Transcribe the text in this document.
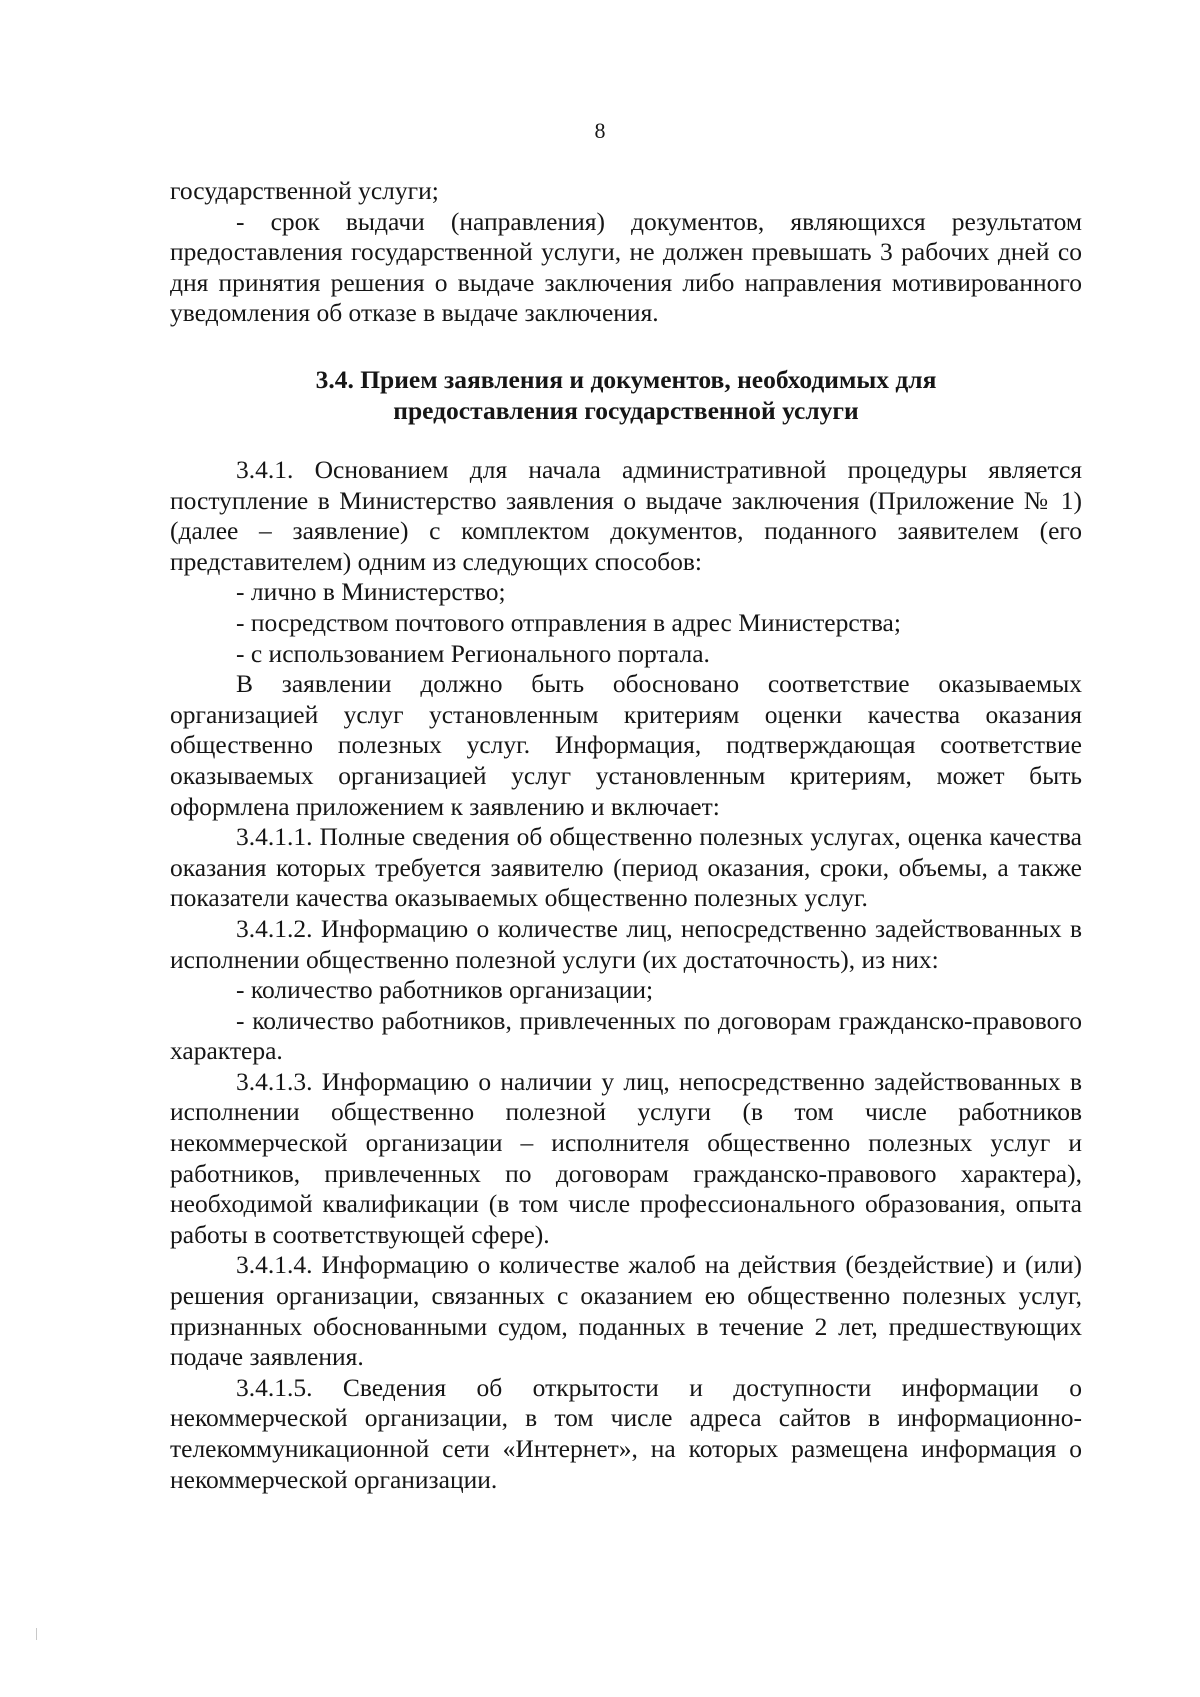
8

государственной услуги;

- срок выдачи (направления) документов, являющихся результатом предоставления государственной услуги, не должен превышать 3 рабочих дней со дня принятия решения о выдаче заключения либо направления мотивированного уведомления об отказе в выдаче заключения.

3.4. Прием заявления и документов, необходимых для

предоставления государственной услуги

3.4.1. Основанием для начала административной процедуры является поступление в Министерство заявления о выдаче заключения (Приложение № 1) (далее – заявление) с комплектом документов, поданного заявителем (его представителем) одним из следующих способов:

- лично в Министерство;

- посредством почтового отправления в адрес Министерства;

- с использованием Регионального портала.

В заявлении должно быть обосновано соответствие оказываемых организацией услуг установленным критериям оценки качества оказания общественно полезных услуг. Информация, подтверждающая соответствие оказываемых организацией услуг установленным критериям, может быть оформлена приложением к заявлению и включает:

3.4.1.1. Полные сведения об общественно полезных услугах, оценка качества оказания которых требуется заявителю (период оказания, сроки, объемы, а также показатели качества оказываемых общественно полезных услуг.

3.4.1.2. Информацию о количестве лиц, непосредственно задействованных в исполнении общественно полезной услуги (их достаточность), из них:

- количество работников организации;

- количество работников, привлеченных по договорам гражданско-правового характера.

3.4.1.3. Информацию о наличии у лиц, непосредственно задействованных в исполнении общественно полезной услуги (в том числе работников некоммерческой организации – исполнителя общественно полезных услуг и работников, привлеченных по договорам гражданско-правового характера), необходимой квалификации (в том числе профессионального образования, опыта работы в соответствующей сфере).

3.4.1.4. Информацию о количестве жалоб на действия (бездействие) и (или) решения организации, связанных с оказанием ею общественно полезных услуг, признанных обоснованными судом, поданных в течение 2 лет, предшествующих подаче заявления.

3.4.1.5. Сведения об открытости и доступности информации о некоммерческой организации, в том числе адреса сайтов в информационно-телекоммуникационной сети «Интернет», на которых размещена информация о некоммерческой организации.
